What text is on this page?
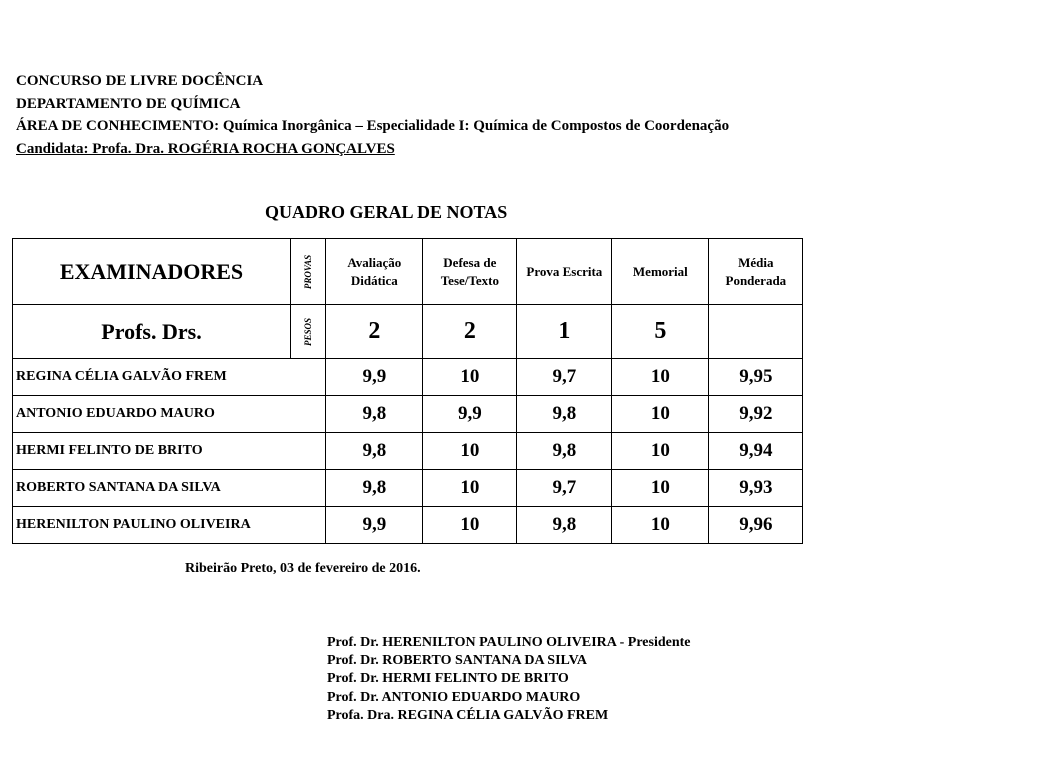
CONCURSO DE LIVRE DOCÊNCIA
DEPARTAMENTO DE QUÍMICA
ÁREA DE CONHECIMENTO: Química Inorgânica – Especialidade I: Química de Compostos de Coordenação
Candidata: Profa. Dra. ROGÉRIA ROCHA GONÇALVES
QUADRO GERAL DE NOTAS
EXAMINADORES	PROVAS	Avaliação Didática	Defesa de Tese/Texto	Prova Escrita	Memorial	Média Ponderada
Profs. Drs.	PESOS	2	2	1	5	
REGINA CÉLIA GALVÃO FREM		9,9	10	9,7	10	9,95
ANTONIO EDUARDO MAURO		9,8	9,9	9,8	10	9,92
HERMI FELINTO DE BRITO		9,8	10	9,8	10	9,94
ROBERTO SANTANA DA SILVA		9,8	10	9,7	10	9,93
HERENILTON PAULINO OLIVEIRA		9,9	10	9,8	10	9,96
Ribeirão Preto, 03 de fevereiro de 2016.
Prof. Dr. HERENILTON PAULINO OLIVEIRA - Presidente
Prof. Dr. ROBERTO SANTANA DA SILVA
Prof. Dr. HERMI FELINTO DE BRITO
Prof. Dr. ANTONIO EDUARDO MAURO
Profa. Dra. REGINA CÉLIA GALVÃO FREM
